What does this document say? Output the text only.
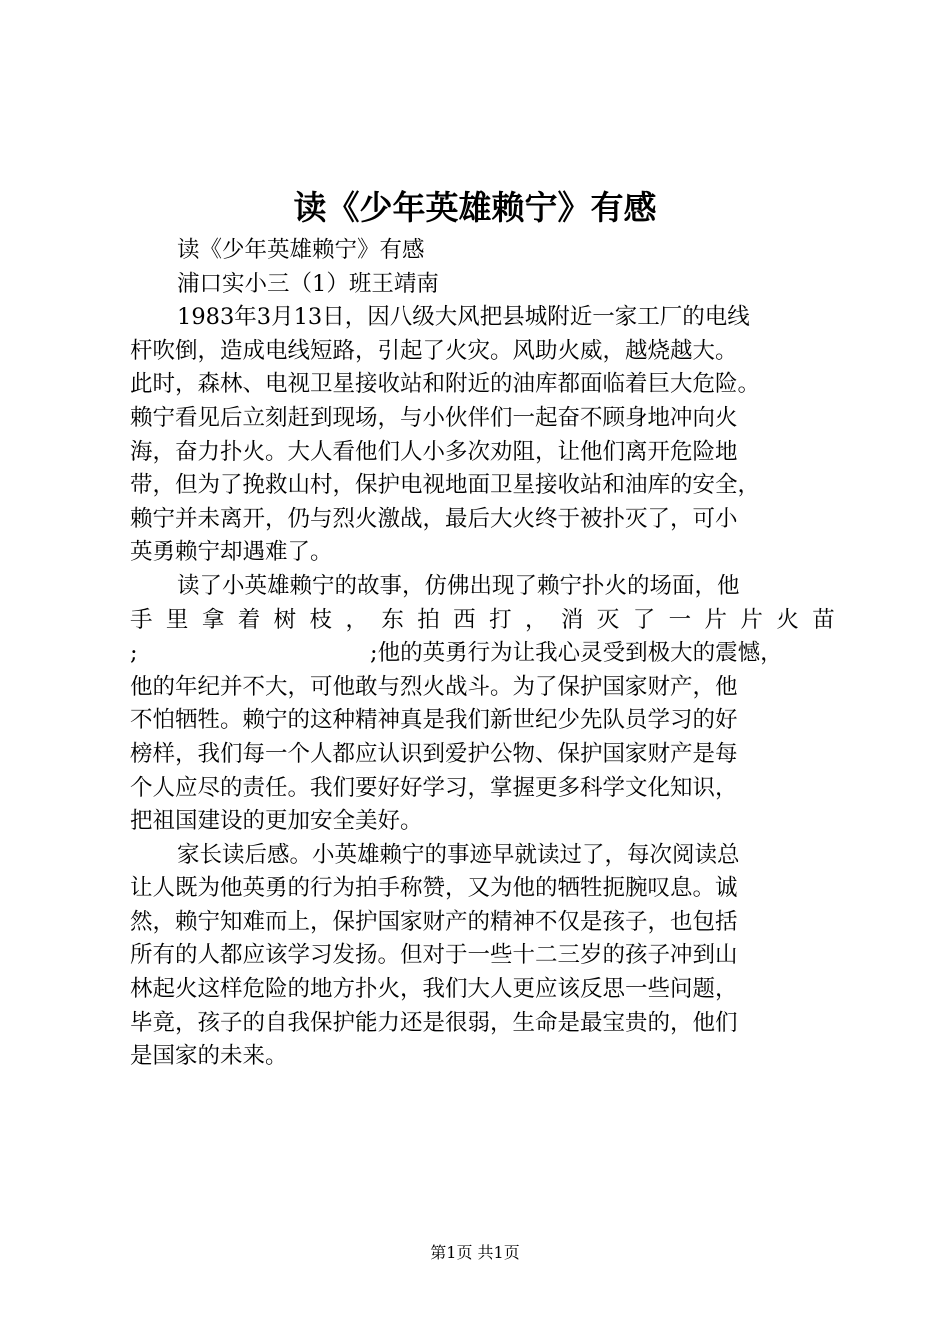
读《少年英雄赖宁》有感
读《少年英雄赖宁》有感
浦口实小三（1）班王靖南
1983年3月13日，因八级大风把县城附近一家工厂的电线
杆吹倒，造成电线短路，引起了火灾。风助火威，越烧越大。
此时，森林、电视卫星接收站和附近的油库都面临着巨大危险。
赖宁看见后立刻赶到现场，与小伙伴们一起奋不顾身地冲向火
海，奋力扑火。大人看他们人小多次劝阻，让他们离开危险地
带，但为了挽救山村，保护电视地面卫星接收站和油库的安全，
赖宁并未离开，仍与烈火激战，最后大火终于被扑灭了，可小
英勇赖宁却遇难了。
读了小英雄赖宁的故事，仿佛出现了赖宁扑火的场面，他
手 里 拿 着 树 枝 ， 东 拍 西 打 ， 消 灭 了 一 片 片 火 苗
;	;他的英勇行为让我心灵受到极大的震憾，
他的年纪并不大，可他敢与烈火战斗。为了保护国家财产，他
不怕牺牲。赖宁的这种精神真是我们新世纪少先队员学习的好
榜样，我们每一个人都应认识到爱护公物、保护国家财产是每
个人应尽的责任。我们要好好学习，掌握更多科学文化知识，
把祖国建设的更加安全美好。
家长读后感。小英雄赖宁的事迹早就读过了，每次阅读总
让人既为他英勇的行为拍手称赞，又为他的牺牲扼腕叹息。诚
然，赖宁知难而上，保护国家财产的精神不仅是孩子，也包括
所有的人都应该学习发扬。但对于一些十二三岁的孩子冲到山
林起火这样危险的地方扑火，我们大人更应该反思一些问题，
毕竟，孩子的自我保护能力还是很弱，生命是最宝贵的，他们
是国家的未来。
第1页 共1页
